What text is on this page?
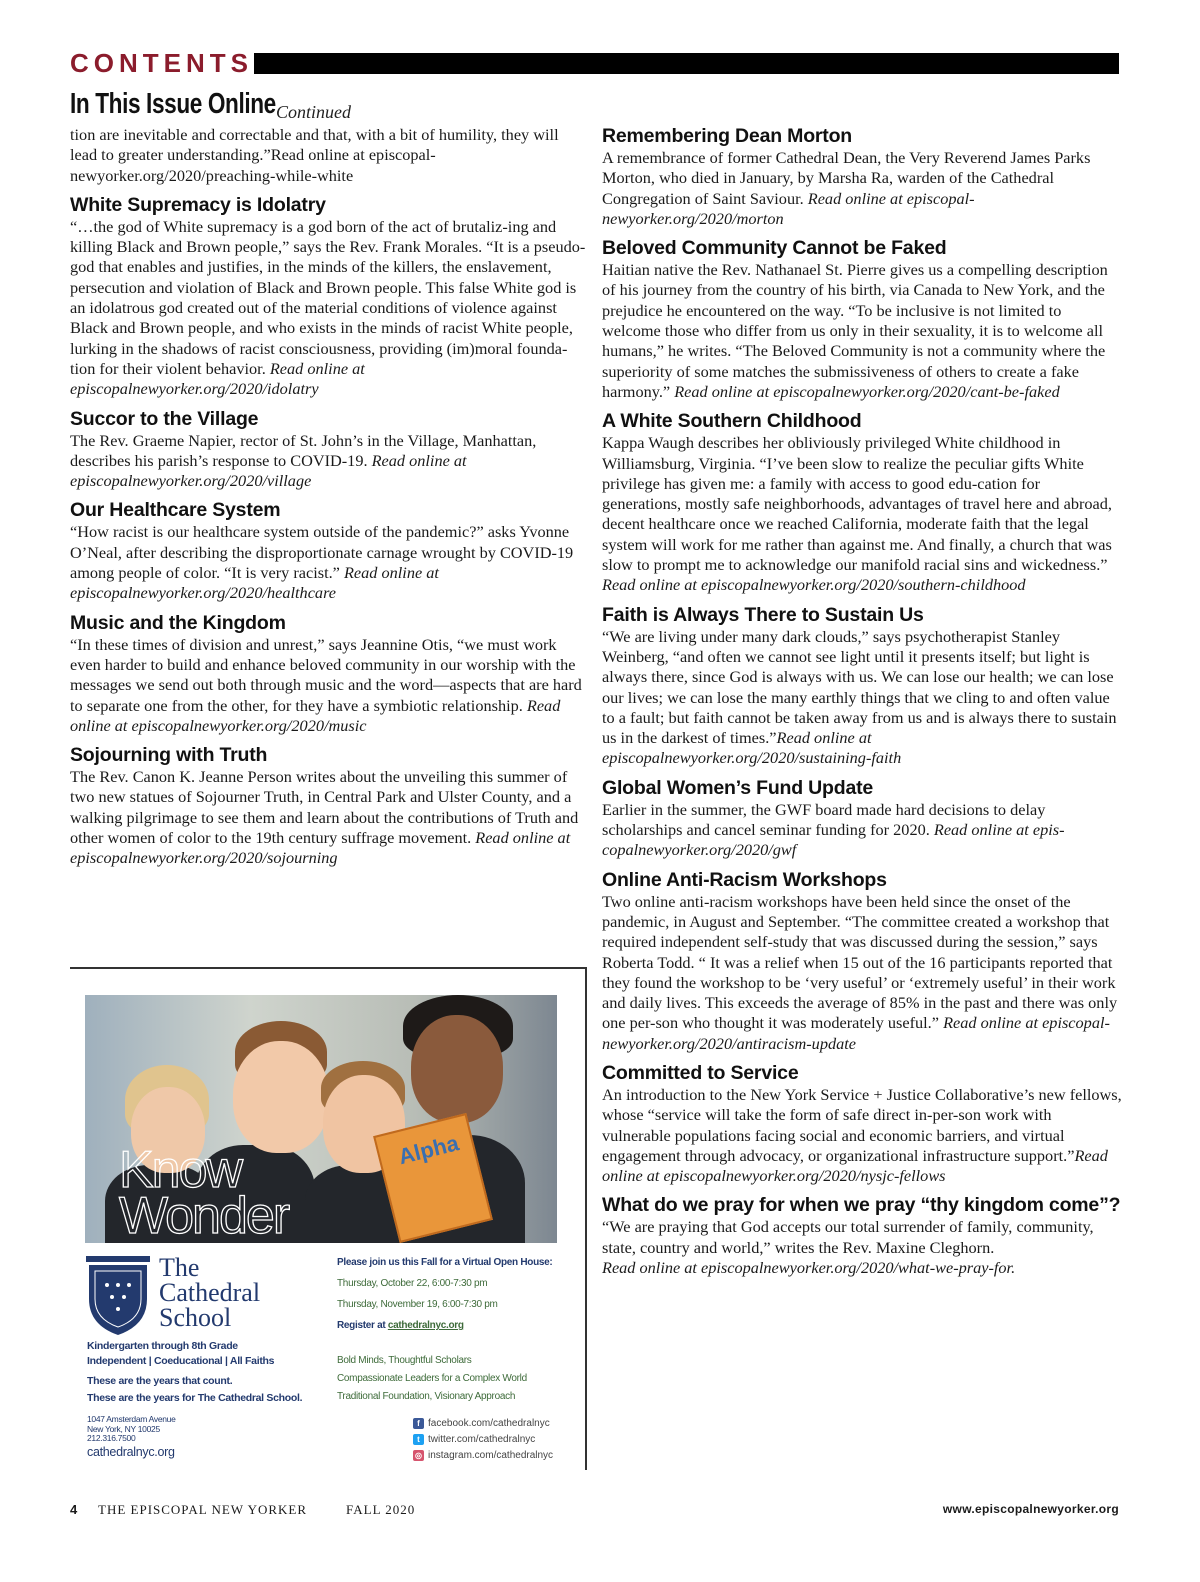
CONTENTS
In This Issue Online Continued

tion are inevitable and correctable and that, with a bit of humility, they will lead to greater understanding.”Read online at episcopal-newyorker.org/2020/preaching-while-white

White Supremacy is Idolatry

“…the god of White supremacy is a god born of the act of brutaliz-ing and killing Black and Brown people,” says the Rev. Frank Morales. “It is a pseudo-god that enables and justifies, in the minds of the killers, the enslavement, persecution and violation of Black and Brown people. This false White god is an idolatrous god created out of the material conditions of violence against Black and Brown people, and who exists in the minds of racist White people, lurking in the shadows of racist consciousness, providing (im)moral founda-tion for their violent behavior. Read online at episcopalnewyorker.org/2020/idolatry

Succor to the Village

The Rev. Graeme Napier, rector of St. John’s in the Village, Manhattan, describes his parish’s response to COVID-19. Read online at episcopalnewyorker.org/2020/village

Our Healthcare System

“How racist is our healthcare system outside of the pandemic?” asks Yvonne O’Neal, after describing the disproportionate carnage wrought by COVID-19 among people of color. “It is very racist.” Read online at episcopalnewyorker.org/2020/healthcare

Music and the Kingdom

“In these times of division and unrest,” says Jeannine Otis, “we must work even harder to build and enhance beloved community in our worship with the messages we send out both through music and the word—aspects that are hard to separate one from the other, for they have a symbiotic relationship. Read online at episcopalnewyorker.org/2020/music

Sojourning with Truth

The Rev. Canon K. Jeanne Person writes about the unveiling this summer of two new statues of Sojourner Truth, in Central Park and Ulster County, and a walking pilgrimage to see them and learn about the contributions of Truth and other women of color to the 19th century suffrage movement. Read online at episcopalnewyorker.org/2020/sojourning

Remembering Dean Morton

A remembrance of former Cathedral Dean, the Very Reverend James Parks Morton, who died in January, by Marsha Ra, warden of the Cathedral Congregation of Saint Saviour. Read online at episcopal-newyorker.org/2020/morton

Beloved Community Cannot be Faked

Haitian native the Rev. Nathanael St. Pierre gives us a compelling description of his journey from the country of his birth, via Canada to New York, and the prejudice he encountered on the way. “To be inclusive is not limited to welcome those who differ from us only in their sexuality, it is to welcome all humans,” he writes. “The Beloved Community is not a community where the superiority of some matches the submissiveness of others to create a fake harmony.” Read online at episcopalnewyorker.org/2020/cant-be-faked

A White Southern Childhood

Kappa Waugh describes her obliviously privileged White childhood in Williamsburg, Virginia. “I’ve been slow to realize the peculiar gifts White privilege has given me: a family with access to good edu-cation for generations, mostly safe neighborhoods, advantages of travel here and abroad, decent healthcare once we reached California, moderate faith that the legal system will work for me rather than against me. And finally, a church that was slow to prompt me to acknowledge our manifold racial sins and wickedness.” Read online at episcopalnewyorker.org/2020/southern-childhood

Faith is Always There to Sustain Us

“We are living under many dark clouds,” says psychotherapist Stanley Weinberg, “and often we cannot see light until it presents itself; but light is always there, since God is always with us. We can lose our health; we can lose our lives; we can lose the many earthly things that we cling to and often value to a fault; but faith cannot be taken away from us and is always there to sustain us in the darkest of times.”Read online at episcopalnewyorker.org/2020/sustaining-faith

Global Women’s Fund Update

Earlier in the summer, the GWF board made hard decisions to delay scholarships and cancel seminar funding for 2020. Read online at epis-copalnewyorker.org/2020/gwf

Online Anti-Racism Workshops

Two online anti-racism workshops have been held since the onset of the pandemic, in August and September. “The committee created a workshop that required independent self-study that was discussed during the session,” says Roberta Todd. “ It was a relief when 15 out of the 16 participants reported that they found the workshop to be ‘very useful’ or ‘extremely useful’ in their work and daily lives. This exceeds the average of 85% in the past and there was only one per-son who thought it was moderately useful.” Read online at episcopal-newyorker.org/2020/antiracism-update

Committed to Service

An introduction to the New York Service + Justice Collaborative’s new fellows, whose “service will take the form of safe direct in-per-son work with vulnerable populations facing social and economic barriers, and virtual engagement through advocacy, or organizational infrastructure support.”Read online at episcopalnewyorker.org/2020/nysjc-fellows

What do we pray for when we pray “thy kingdom come”?

“We are praying that God accepts our total surrender of family, community, state, country and world,” writes the Rev. Maxine Cleghorn.
Read online at episcopalnewyorker.org/2020/what-we-pray-for.

Alpha
Know
Wonder
The
Cathedral
School
Kindergarten through 8th Grade
Independent | Coeducational | All Faiths
These are the years that count.
These are the years for The Cathedral School.
1047 Amsterdam Avenue
New York, NY 10025
212.316.7500
cathedralnyc.org
Please join us this Fall for a Virtual Open House:
Thursday, October 22, 6:00-7:30 pm
Thursday, November 19, 6:00-7:30 pm
Register at cathedralnyc.org
Bold Minds, Thoughtful Scholars
Compassionate Leaders for a Complex World
Traditional Foundation, Visionary Approach
f facebook.com/cathedralnyc
t twitter.com/cathedralnyc
◎ instagram.com/cathedralnyc
4 THE EPISCOPAL NEW YORKER	FALL 2020	www.episcopalnewyorker.org
